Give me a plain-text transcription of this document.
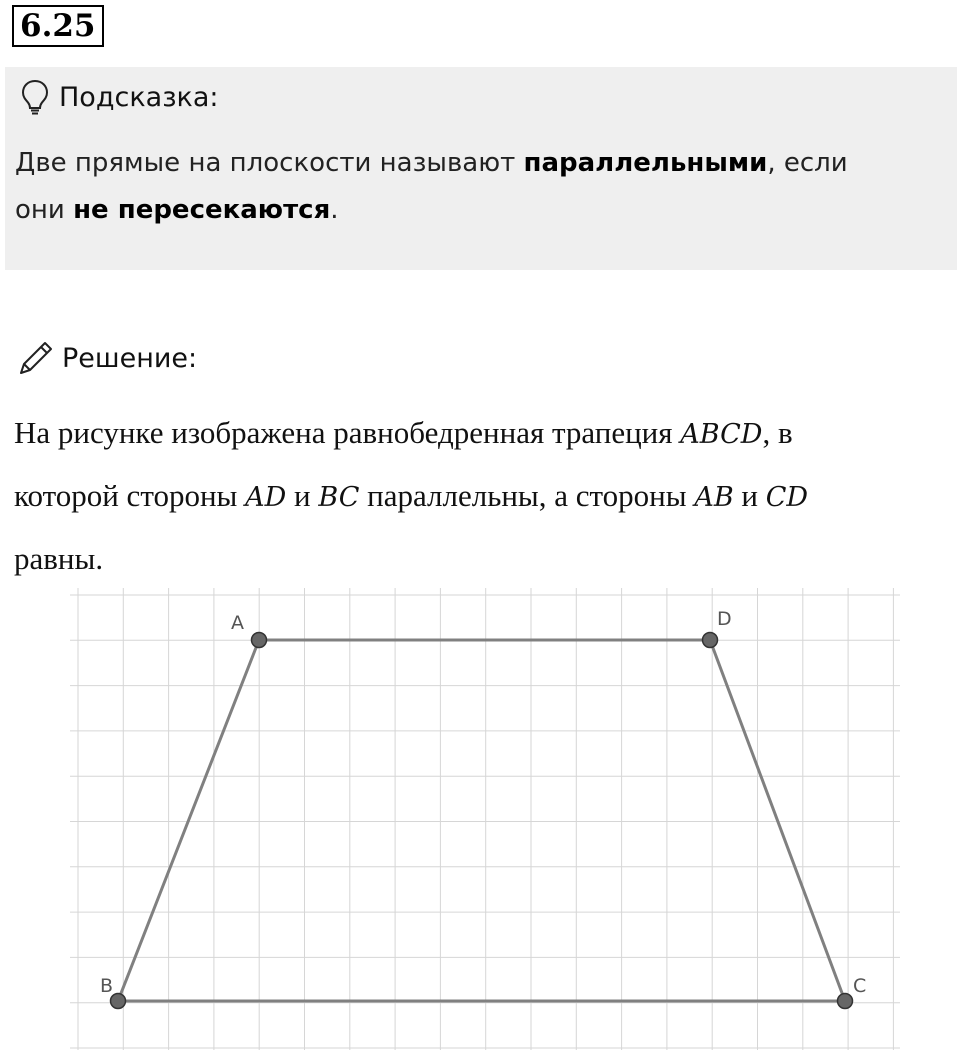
6.25
Подсказка:
Две прямые на плоскости называют параллельными, если
они не пересекаются.
Решение:
На рисунке изображена равнобедренная трапеция ABCD, в
которой стороны AD и BC параллельны, а стороны AB и CD
равны.
A	D
B	C
